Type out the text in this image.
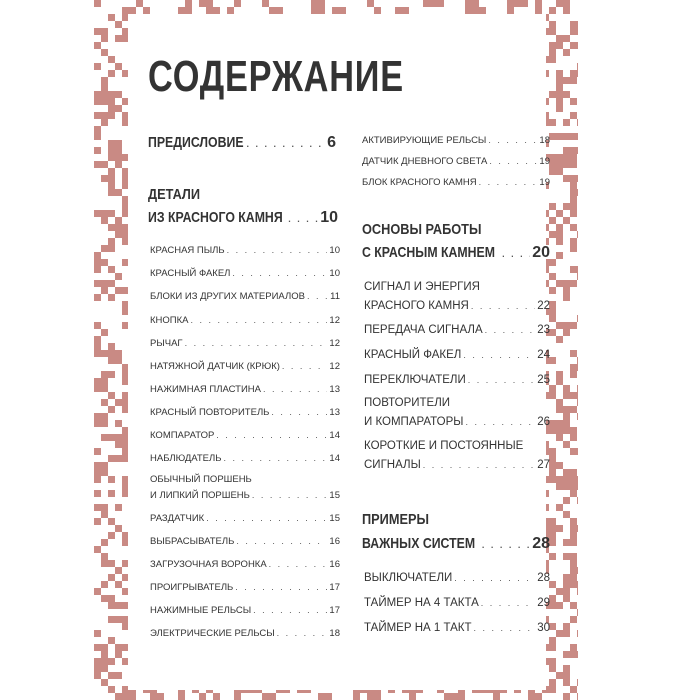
СОДЕРЖАНИЕ
ПРЕДИСЛОВИЕ . . .	6
ДЕТАЛИ
ИЗ КРАСНОГО КАМНЯ . . . 10
ОСНОВЫ РАБОТЫ
С КРАСНЫМ КАМНЕМ . . . 20
ПРИМЕРЫ
ВАЖНЫХ СИСТЕМ . . .	28
КРАСНАЯ ПЫЛЬ . . .	10
КРАСНЫЙ ФАКЕЛ . . .	10
БЛОКИ ИЗ ДРУГИХ МАТЕРИАЛОВ . . .	11
КНОПКА . . .	12
РЫЧАГ . . .	12
НАТЯЖНОЙ ДАТЧИК (КРЮК) . . .	12
НАЖИМНАЯ ПЛАСТИНА . . .	13
КРАСНЫЙ ПОВТОРИТЕЛЬ . . .	13
КОМПАРАТОР . . .	14
НАБЛЮДАТЕЛЬ . . .	14
ОБЫЧНЫЙ ПОРШЕНЬ
И ЛИПКИЙ ПОРШЕНЬ . . .	15
РАЗДАТЧИК . . .	15
ВЫБРАСЫВАТЕЛЬ . . .	16
ЗАГРУЗОЧНАЯ ВОРОНКА . . .	16
ПРОИГРЫВАТЕЛЬ . . .	17
НАЖИМНЫЕ РЕЛЬСЫ . . .	17
ЭЛЕКТРИЧЕСКИЕ РЕЛЬСЫ . . .	18
АКТИВИРУЮЩИЕ РЕЛЬСЫ . . .	18
ДАТЧИК ДНЕВНОГО СВЕТА . . .	19
БЛОК КРАСНОГО КАМНЯ . . .	19
СИГНАЛ И ЭНЕРГИЯ
КРАСНОГО КАМНЯ . . .	22
ПЕРЕДАЧА СИГНАЛА . . .	23
КРАСНЫЙ ФАКЕЛ . . .	24
ПЕРЕКЛЮЧАТЕЛИ . . .	25
ПОВТОРИТЕЛИ
И КОМПАРАТОРЫ . . .	26
КОРОТКИЕ И ПОСТОЯННЫЕ
СИГНАЛЫ . . .	27
ВЫКЛЮЧАТЕЛИ . . .	28
ТАЙМЕР НА 4 ТАКТА . . .	29
ТАЙМЕР НА 1 ТАКТ . . .	30
